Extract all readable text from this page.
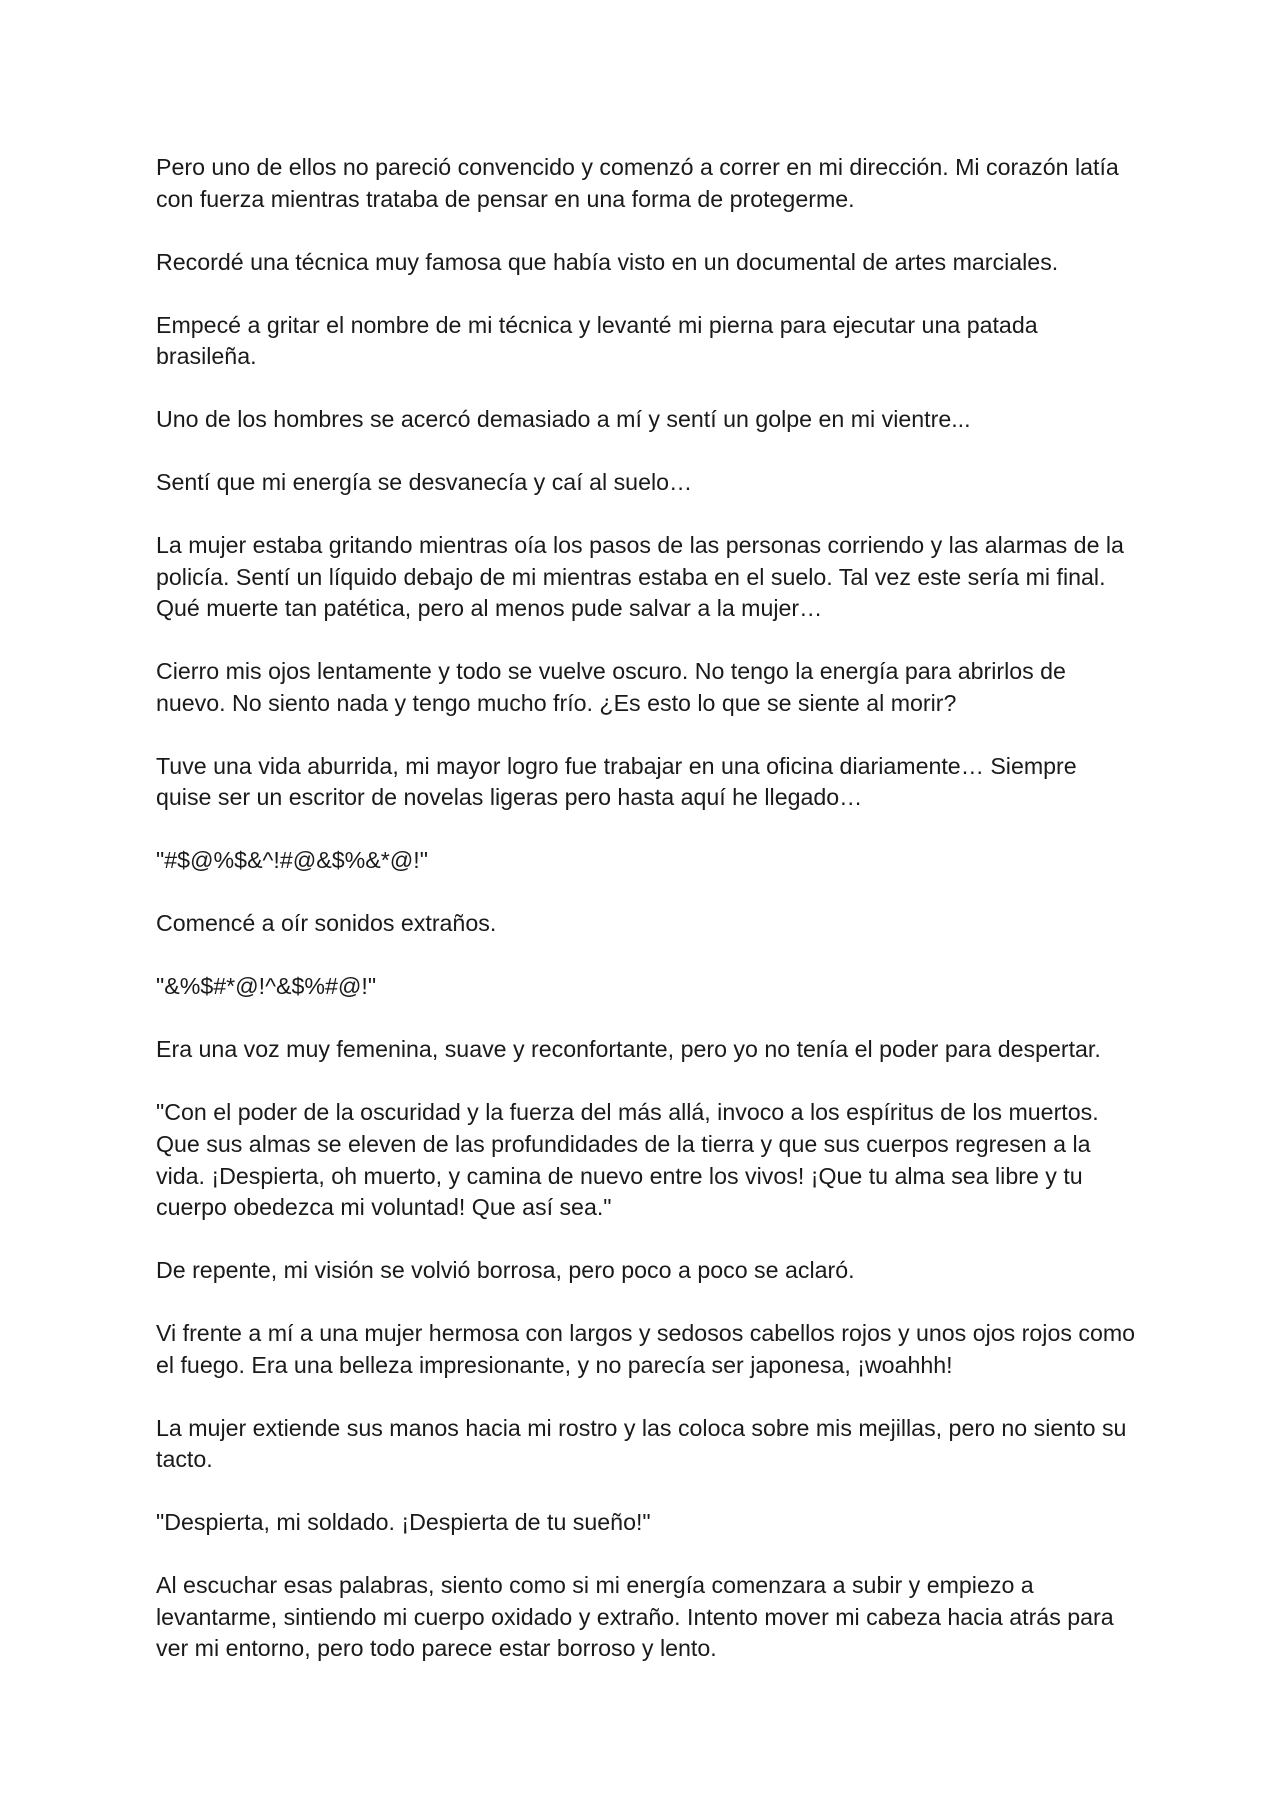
Pero uno de ellos no pareció convencido y comenzó a correr en mi dirección. Mi corazón latía con fuerza mientras trataba de pensar en una forma de protegerme.

Recordé una técnica muy famosa que había visto en un documental de artes marciales.

Empecé a gritar el nombre de mi técnica y levanté mi pierna para ejecutar una patada brasileña.

Uno de los hombres se acercó demasiado a mí y sentí un golpe en mi vientre...

Sentí que mi energía se desvanecía y caí al suelo…

La mujer estaba gritando mientras oía los pasos de las personas corriendo y las alarmas de la policía. Sentí un líquido debajo de mi mientras estaba en el suelo. Tal vez este sería mi final. Qué muerte tan patética, pero al menos pude salvar a la mujer…

Cierro mis ojos lentamente y todo se vuelve oscuro. No tengo la energía para abrirlos de nuevo. No siento nada y tengo mucho frío. ¿Es esto lo que se siente al morir?

Tuve una vida aburrida, mi mayor logro fue trabajar en una oficina diariamente… Siempre quise ser un escritor de novelas ligeras pero hasta aquí he llegado…

"#$@%$&^!#@&$%&*@!"

Comencé a oír sonidos extraños.

"&%$#*@!^&$%#@!"

Era una voz muy femenina, suave y reconfortante, pero yo no tenía el poder para despertar.

"Con el poder de la oscuridad y la fuerza del más allá, invoco a los espíritus de los muertos. Que sus almas se eleven de las profundidades de la tierra y que sus cuerpos regresen a la vida. ¡Despierta, oh muerto, y camina de nuevo entre los vivos! ¡Que tu alma sea libre y tu cuerpo obedezca mi voluntad! Que así sea."

De repente, mi visión se volvió borrosa, pero poco a poco se aclaró.

Vi frente a mí a una mujer hermosa con largos y sedosos cabellos rojos y unos ojos rojos como el fuego. Era una belleza impresionante, y no parecía ser japonesa, ¡woahhh!

La mujer extiende sus manos hacia mi rostro y las coloca sobre mis mejillas, pero no siento su tacto.

"Despierta, mi soldado. ¡Despierta de tu sueño!"

Al escuchar esas palabras, siento como si mi energía comenzara a subir y empiezo a levantarme, sintiendo mi cuerpo oxidado y extraño. Intento mover mi cabeza hacia atrás para ver mi entorno, pero todo parece estar borroso y lento.
